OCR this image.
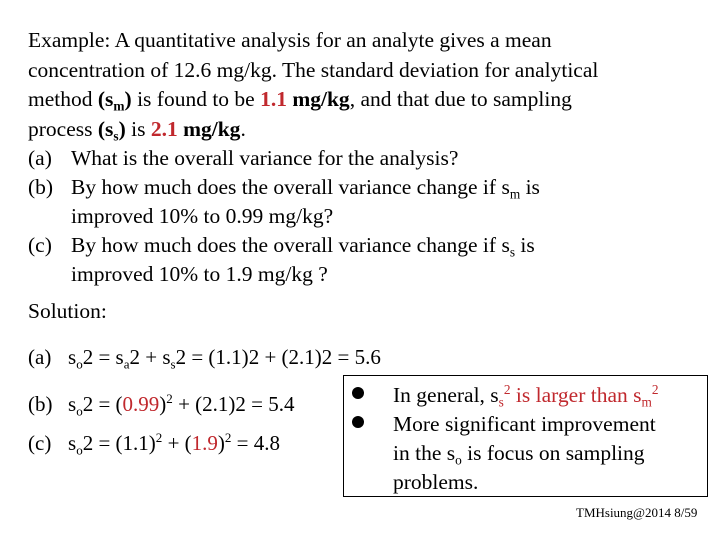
Example: A quantitative analysis for an analyte gives a mean
concentration of 12.6 mg/kg. The standard deviation for analytical
method $(s_m)$ is found to be 1.1 mg/kg, and that due to sampling
process $(s_s)$ is 2.1 mg/kg.
(a) What is the overall variance for the analysis?
(b) By how much does the overall variance change if $s_m$ is
improved 10% to 0.99 mg/kg?
(c) By how much does the overall variance change if $s_s$ is
improved 10% to 1.9 mg/kg ?
Solution:
(a) $s_o2 = s_a2 + s_s2 = (1.1)2 + (2.1)2 = 5.6$
(b) $s_o2 = (0.99)^2 + (2.1)2 = 5.4$
(c) $s_o2 = (1.1)^2 + (1.9)^2 = 4.8$
In general, $s_s^2$ is larger than $s_m^2$
More significant improvement
in the $s_o$ is focus on sampling
problems.
TMHsiung@2014 8/59
